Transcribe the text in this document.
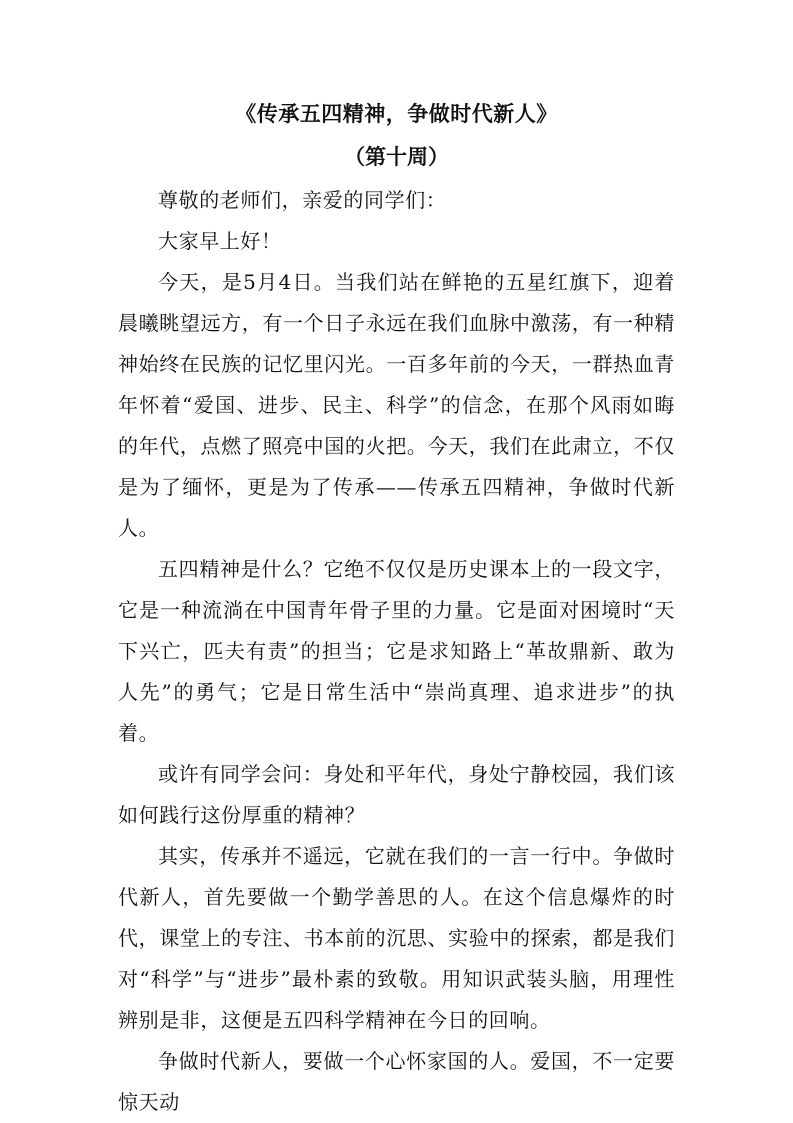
《传承五四精神，争做时代新人》
（第十周）

尊敬的老师们，亲爱的同学们：

大家早上好！

今天，是5月4日。当我们站在鲜艳的五星红旗下，迎着晨曦眺望远方，有一个日子永远在我们血脉中激荡，有一种精神始终在民族的记忆里闪光。一百多年前的今天，一群热血青年怀着“爱国、进步、民主、科学”的信念，在那个风雨如晦的年代，点燃了照亮中国的火把。今天，我们在此肃立，不仅是为了缅怀，更是为了传承——传承五四精神，争做时代新人。

五四精神是什么？它绝不仅仅是历史课本上的一段文字，它是一种流淌在中国青年骨子里的力量。它是面对困境时“天下兴亡，匹夫有责”的担当；它是求知路上“革故鼎新、敢为人先”的勇气；它是日常生活中“崇尚真理、追求进步”的执着。

或许有同学会问：身处和平年代，身处宁静校园，我们该如何践行这份厚重的精神？

其实，传承并不遥远，它就在我们的一言一行中。争做时代新人，首先要做一个勤学善思的人。在这个信息爆炸的时代，课堂上的专注、书本前的沉思、实验中的探索，都是我们对“科学”与“进步”最朴素的致敬。用知识武装头脑，用理性辨别是非，这便是五四科学精神在今日的回响。

争做时代新人，要做一个心怀家国的人。爱国，不一定要惊天动
